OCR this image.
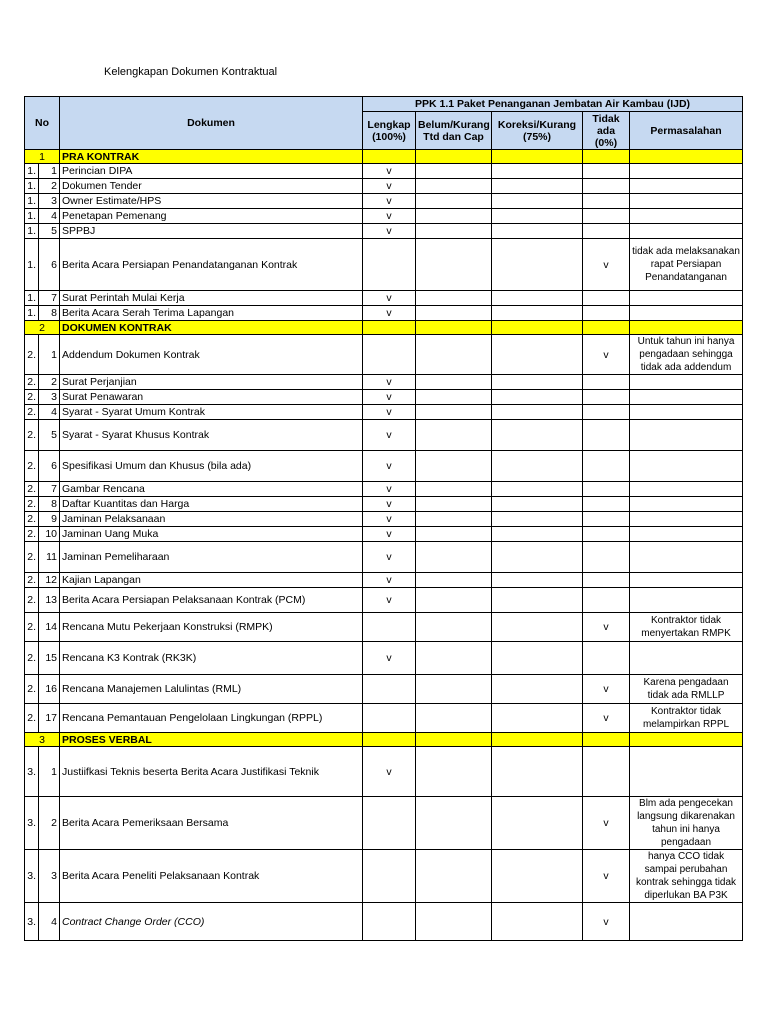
Kelengkapan Dokumen Kontraktual
No		Dokumen	PPK 1.1 Paket Penanganan Jembatan Air Kambau (IJD)				
			Lengkap (100%)	Belum/Kurang Ttd dan Cap	Koreksi/Kurang (75%)	Tidak ada (0%)	Permasalahan
1		PRA KONTRAK					
1.	1	Perincian DIPA	v				
1.	2	Dokumen Tender	v				
1.	3	Owner Estimate/HPS	v				
1.	4	Penetapan Pemenang	v				
1.	5	SPPBJ	v				
1.	6	Berita Acara Persiapan Penandatanganan Kontrak				v	tidak ada melaksanakan rapat Persiapan Penandatanganan
1.	7	Surat Perintah Mulai Kerja	v				
1.	8	Berita Acara Serah Terima Lapangan	v				
2		DOKUMEN KONTRAK					
2.	1	Addendum Dokumen Kontrak				v	Untuk tahun ini hanya pengadaan sehingga tidak ada addendum
2.	2	Surat Perjanjian	v				
2.	3	Surat Penawaran	v				
2.	4	Syarat - Syarat Umum Kontrak	v				
2.	5	Syarat - Syarat Khusus Kontrak	v				
2.	6	Spesifikasi Umum dan Khusus (bila ada)	v				
2.	7	Gambar Rencana	v				
2.	8	Daftar Kuantitas dan Harga	v				
2.	9	Jaminan Pelaksanaan	v				
2.	10	Jaminan Uang Muka	v				
2.	11	Jaminan Pemeliharaan	v				
2.	12	Kajian Lapangan	v				
2.	13	Berita Acara Persiapan Pelaksanaan Kontrak (PCM)	v				
2.	14	Rencana Mutu Pekerjaan Konstruksi (RMPK)				v	Kontraktor tidak menyertakan RMPK
2.	15	Rencana K3 Kontrak (RK3K)	v				
2.	16	Rencana Manajemen Lalulintas (RML)				v	Karena pengadaan tidak ada RMLLP
2.	17	Rencana Pemantauan Pengelolaan Lingkungan (RPPL)				v	Kontraktor tidak melampirkan RPPL
3		PROSES VERBAL					
3.	1	Justiifkasi Teknis beserta Berita Acara Justifikasi Teknik	v				
3.	2	Berita Acara Pemeriksaan Bersama				v	Blm ada pengecekan langsung dikarenakan tahun ini hanya pengadaan
3.	3	Berita Acara Peneliti Pelaksanaan Kontrak				v	hanya CCO tidak sampai perubahan kontrak sehingga tidak diperlukan BA P3K
3.	4	Contract Change Order (CCO)				v	
